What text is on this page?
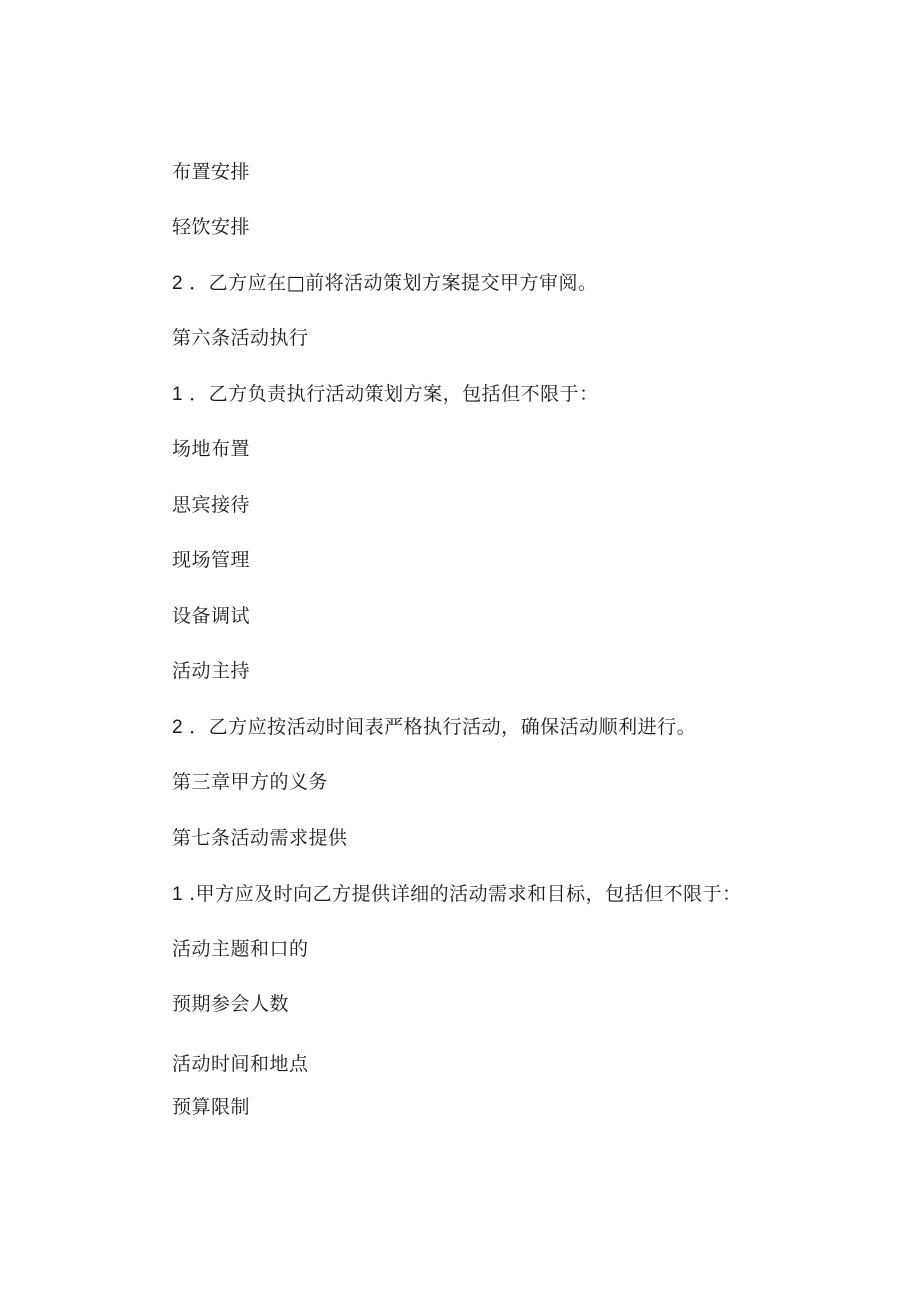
布置安排
轻饮安排
2 ．乙方应在□前将活动策划方案提交甲方审阅。
第六条活动执行
1 ．乙方负责执行活动策划方案，包括但不限于：
场地布置
思宾接待
现场管理
设备调试
活动主持
2 ．乙方应按活动时间表严格执行活动，确保活动顺利进行。
第三章甲方的义务
第七条活动需求提供
1 .甲方应及时向乙方提供详细的活动需求和目标，包括但不限于：
活动主题和口的
预期参会人数
活动时间和地点
预算限制
